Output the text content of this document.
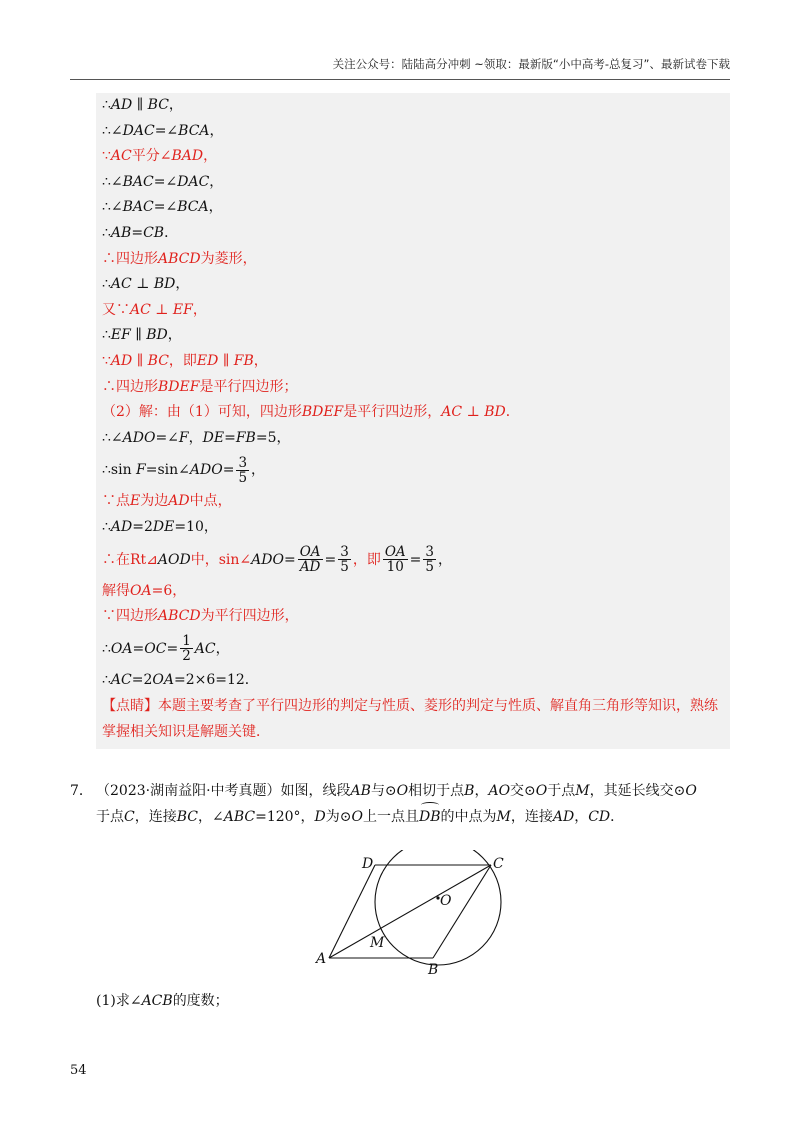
关注公众号：陆陆高分冲刺 ~领取：最新版“小中高考-总复习”、最新试卷下载
∴AD ∥ BC，
∴∠DAC=∠BCA，
∵AC平分∠BAD，
∴∠BAC=∠DAC，
∴∠BAC=∠BCA，
∴AB=CB．
∴四边形ABCD为菱形，
∴AC ⊥ BD，
又∵AC ⊥ EF，
∴EF ∥ BD，
∵AD ∥ BC，即ED ∥ FB，
∴四边形BDEF是平行四边形；
（2）解：由（1）可知，四边形BDEF是平行四边形，AC ⊥ BD．
∴∠ADO=∠F，DE=FB=5，
∴sin F=sin∠ADO= $\frac{3}{5}$ ，
∵点E为边AD中点，
∴AD=2DE=10，
∴在Rt⊿AOD中，sin∠ADO= $\frac{OA}{AD} = \frac{3}{5}$ ，即 $\frac{OA}{10} = \frac{3}{5}$ ，
解得OA=6，
∵四边形ABCD为平行四边形，
∴OA=OC= $\frac{1}{2}$ AC，
∴AC=2OA=2×6=12．
【点睛】本题主要考查了平行四边形的判定与性质、菱形的判定与性质、解直角三角形等知识，熟练掌握相关知识是解题关键．
7． （2023·湖南益阳·中考真题）如图，线段AB与⊙O相切于点B，AO交⊙O于点M，其延长线交⊙O
于点C，连接BC，∠ABC=120°，D为⊙O上一点且DB的中点为M，连接AD，CD．
D	C
O
M
A
B
(1)求∠ACB的度数；
54
